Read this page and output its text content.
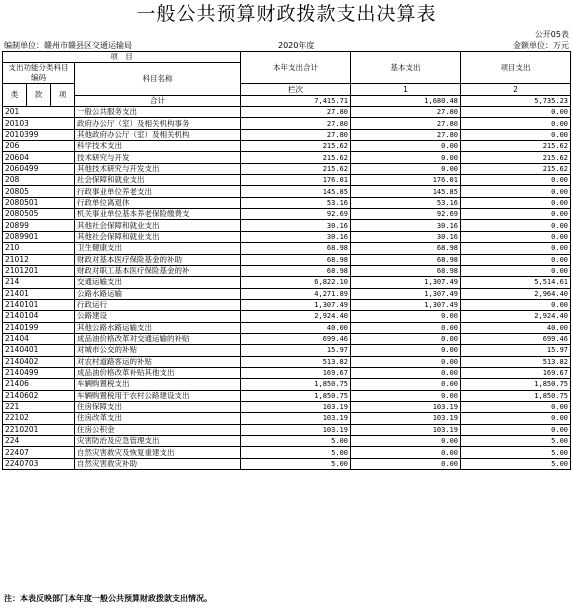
一般公共预算财政拨款支出决算表
公开05表
编制单位：赣州市赣县区交通运输局	2020年度	金额单位：万元
项　目				本年支出合计	基本支出	项目支出	
支出功能分类科目编码			科目名称				

类	款	项					
				栏次	1	2	
			合计	7,415.71	1,680.48	5,735.23	
201			一般公共服务支出	27.80	27.80	0.00	
20103			政府办公厅（室）及相关机构事务	27.80	27.80	0.00	
2010399			其他政府办公厅（室）及相关机构	27.80	27.80	0.00	
206			科学技术支出	215.62	0.00	215.62	
20604			技术研究与开发	215.62	0.00	215.62	
2060499			其他技术研究与开发支出	215.62	0.00	215.62	
208			社会保障和就业支出	176.01	176.01	0.00	
20805			行政事业单位养老支出	145.85	145.85	0.00	
2080501			行政单位离退休	53.16	53.16	0.00	
2080505			机关事业单位基本养老保险缴费支	92.69	92.69	0.00	
20899			其他社会保障和就业支出	30.16	30.16	0.00	
2089901			其他社会保障和就业支出	30.16	30.16	0.00	
210			卫生健康支出	68.98	68.98	0.00	
21012			财政对基本医疗保险基金的补助	68.98	68.98	0.00	
2101201			财政对职工基本医疗保险基金的补	68.98	68.98	0.00	
214			交通运输支出	6,822.10	1,307.49	5,514.61	
21401			公路水路运输	4,271.89	1,307.49	2,964.40	
2140101			行政运行	1,307.49	1,307.49	0.00	
2140104			公路建设	2,924.40	0.00	2,924.40	
2140199			其他公路水路运输支出	40.00	0.00	40.00	
21404			成品油价格改革对交通运输的补贴	699.46	0.00	699.46	
2140401			对城市公交的补贴	15.97	0.00	15.97	
2140402			对农村道路客运的补贴	513.82	0.00	513.82	
2140499			成品油价格改革补贴其他支出	169.67	0.00	169.67	
21406			车辆购置税支出	1,850.75	0.00	1,850.75	
2140602			车辆购置税用于农村公路建设支出	1,850.75	0.00	1,850.75	
221			住房保障支出	103.19	103.19	0.00	
22102			住房改革支出	103.19	103.19	0.00	
2210201			住房公积金	103.19	103.19	0.00	
224			灾害防治及应急管理支出	5.00	0.00	5.00	
22407			自然灾害救灾及恢复重建支出	5.00	0.00	5.00	
2240703			自然灾害救灾补助	5.00	0.00	5.00	
注：本表反映部门本年度一般公共预算财政拨款支出情况。
